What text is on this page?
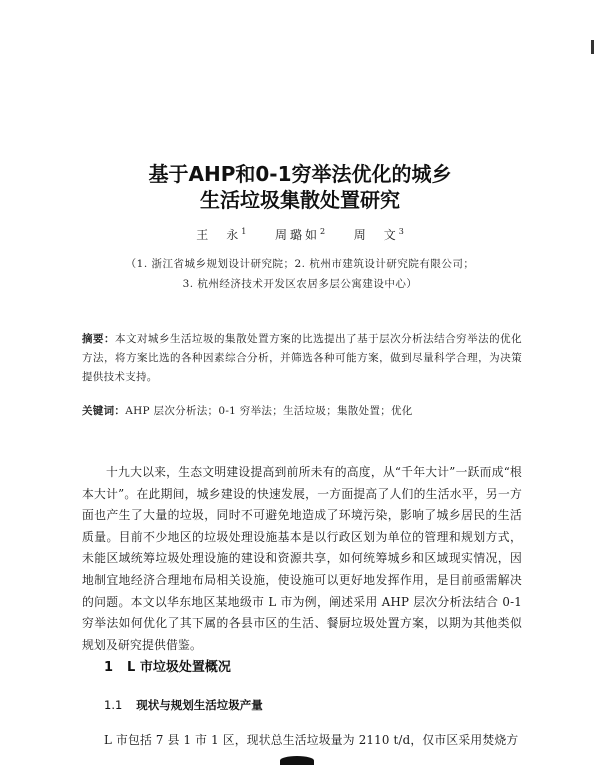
基于AHP和0-1穷举法优化的城乡
生活垃圾集散处置研究
王　永$^1$ 　 周璐如$^2$ 　 周　文$^3$
（1. 浙江省城乡规划设计研究院；2. 杭州市建筑设计研究院有限公司；
3. 杭州经济技术开发区农居多层公寓建设中心）
摘要：本文对城乡生活垃圾的集散处置方案的比选提出了基于层次分析法结合穷举法的优化方法，将方案比选的各种因素综合分析，并筛选各种可能方案，做到尽量科学合理，为决策提供技术支持。
关键词：AHP 层次分析法；0-1 穷举法；生活垃圾；集散处置；优化
十九大以来，生态文明建设提高到前所未有的高度，从“千年大计”一跃而成“根本大计”。在此期间，城乡建设的快速发展，一方面提高了人们的生活水平，另一方面也产生了大量的垃圾，同时不可避免地造成了环境污染，影响了城乡居民的生活质量。目前不少地区的垃圾处理设施基本是以行政区划为单位的管理和规划方式，未能区域统筹垃圾处理设施的建设和资源共享，如何统筹城乡和区域现实情况，因地制宜地经济合理地布局相关设施，使设施可以更好地发挥作用，是目前亟需解决的问题。本文以华东地区某地级市 L 市为例，阐述采用 AHP 层次分析法结合 0-1 穷举法如何优化了其下属的各县市区的生活、餐厨垃圾处置方案，以期为其他类似规划及研究提供借鉴。
1 L 市垃圾处置概况
1.1 现状与规划生活垃圾产量
L 市包括 7 县 1 市 1 区，现状总生活垃圾量为 2110 t/d，仅市区采用焚烧方
